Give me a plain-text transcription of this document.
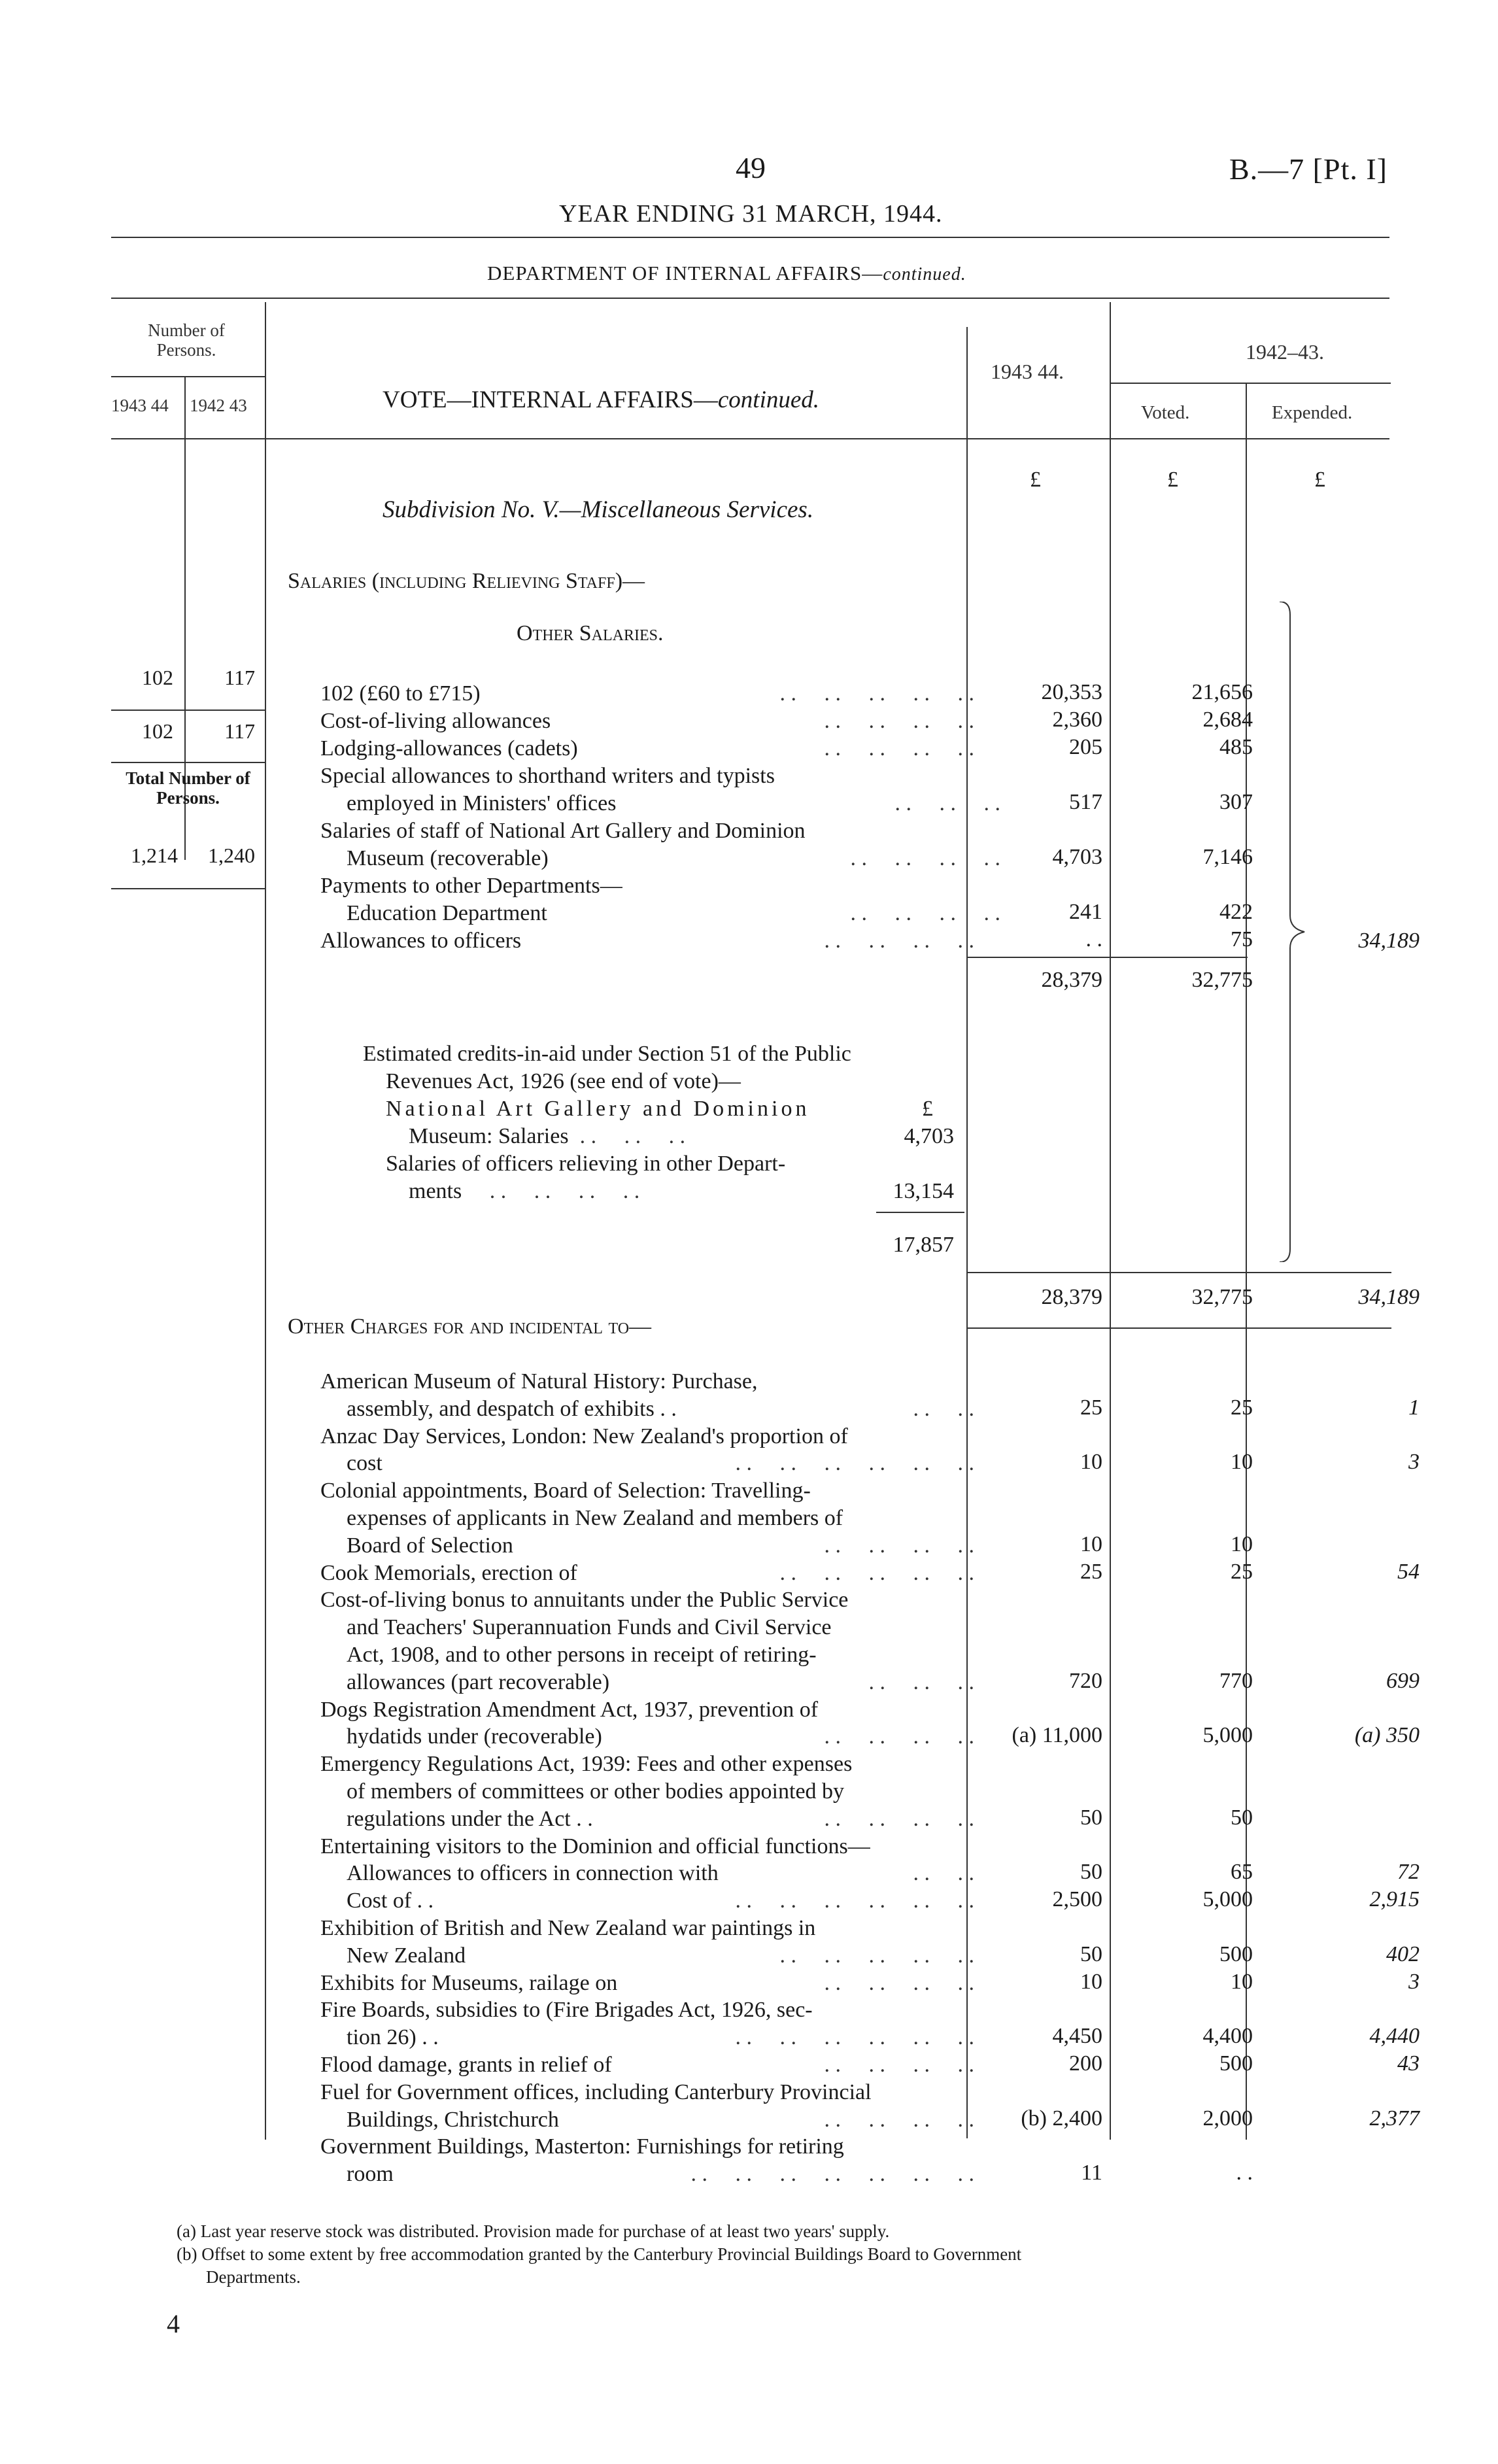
49	B.—7 [Pt. I]
YEAR ENDING 31 MARCH, 1944.
DEPARTMENT OF INTERNAL AFFAIRS—continued.
Number of Persons.
1943 44 1942 43	VOTE—INTERNAL AFFAIRS—continued.
1943 44.
1942–43.
Voted.	Expended.
£	£	£
Subdivision No. V.—Miscellaneous Services.
Salaries (including Relieving Staff)—
Other Salaries.
102	117
102	117
Total Number of Persons.
1,214	1,240
102 (£60 to £715)	. .     . .     . .     . .     . .	20,353	21,656
Cost-of-living allowances	. .     . .     . .     . .	2,360	2,684
Lodging-allowances (cadets)	. .     . .     . .     . .	205	485
Special allowances to shorthand writers and typists
employed in Ministers' offices	. .     . .     . .	517	307
Salaries of staff of National Art Gallery and Dominion
Museum (recoverable)	. .     . .     . .     . . 4,703	7,146
Payments to other Departments—
Education Department	. .     . .     . .     . .	241	422
Allowances to officers	. .     . .     . .     . .	. .	75	34,189
28,379	32,775
Estimated credits-in-aid under Section 51 of the Public
Revenues Act, 1926 (see end of vote)—
National Art Gallery and Dominion	£
Museum: Salaries . .     . .     . .	4,703
Salaries of officers relieving in other Depart-
ments . .     . .     . .     . .	13,154
17,857
28,379	32,775	34,189
Other Charges for and incidental to—
American Museum of Natural History: Purchase,
assembly, and despatch of exhibits . .	. .     . .	25	25	1
Anzac Day Services, London: New Zealand's proportion of
cost	. .     . .     . .     . .     . .     . .	10	10	3
Colonial appointments, Board of Selection: Travelling-
expenses of applicants in New Zealand and members of
Board of Selection	. .     . .     . .     . .	10	10
Cook Memorials, erection of	. .     . .     . .     . .     . .	25	25	54
Cost-of-living bonus to annuitants under the Public Service
and Teachers' Superannuation Funds and Civil Service
Act, 1908, and to other persons in receipt of retiring-
allowances (part recoverable)	. .     . .     . .	720	770	699
Dogs Registration Amendment Act, 1937, prevention of
hydatids under (recoverable)	. .     . .     . .     . . (a) 11,000	5,000	(a) 350
Emergency Regulations Act, 1939: Fees and other expenses
of members of committees or other bodies appointed by
regulations under the Act . .	. .     . .     . .     . .	50	50
Entertaining visitors to the Dominion and official functions—
Allowances to officers in connection with	. .     . .	50	65	72
Cost of . .	. .     . .     . .     . .     . .     . .	2,500	5,000	2,915
Exhibition of British and New Zealand war paintings in
New Zealand	. .     . .     . .     . .     . .	50	500	402
Exhibits for Museums, railage on	. .     . .     . .     . .	10	10	3
Fire Boards, subsidies to (Fire Brigades Act, 1926, sec-
tion 26) . .	. .     . .     . .     . .     . .     . .	4,450	4,400	4,440
Flood damage, grants in relief of	. .     . .     . .     . .	200	500	43
Fuel for Government offices, including Canterbury Provincial
Buildings, Christchurch	. .     . .     . .     . . (b) 2,400	2,000	2,377
Government Buildings, Masterton: Furnishings for retiring
room	. .     . .     . .     . .     . .     . .     . .	11	. .
(a) Last year reserve stock was distributed. Provision made for purchase of at least two years' supply.
(b) Offset to some extent by free accommodation granted by the Canterbury Provincial Buildings Board to Government
Departments.
4
